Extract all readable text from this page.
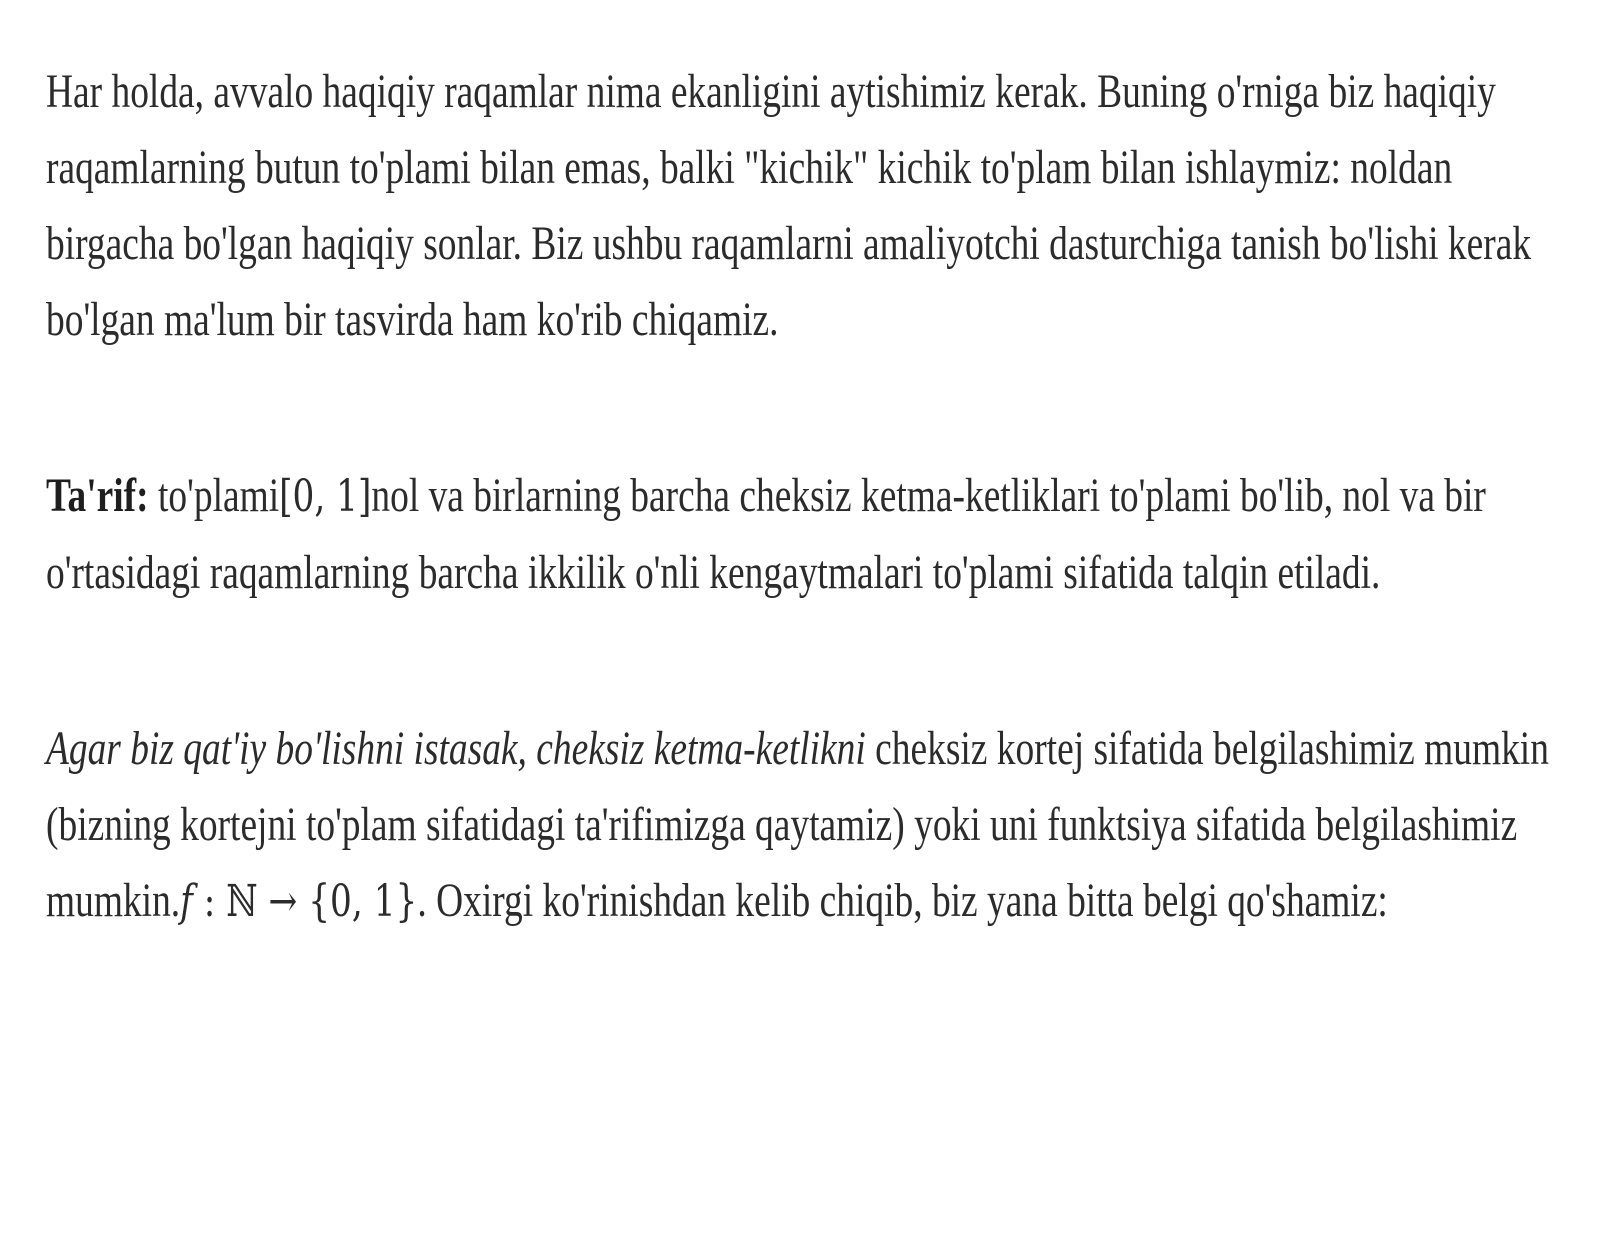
Har holda, avvalo haqiqiy raqamlar nima ekanligini aytishimiz kerak. Buning o'rniga biz haqiqiy raqamlarning butun to'plami bilan emas, balki "kichik" kichik to'plam bilan ishlaymiz: noldan birgacha bo'lgan haqiqiy sonlar. Biz ushbu raqamlarni amaliyotchi dasturchiga tanish bo'lishi kerak bo'lgan ma'lum bir tasvirda ham ko'rib chiqamiz.

Ta'rif: to'plami[0, 1]nol va birlarning barcha cheksiz ketma-ketliklari to'plami bo'lib, nol va bir o'rtasidagi raqamlarning barcha ikkilik o'nli kengaytmalari to'plami sifatida talqin etiladi.

Agar biz qat'iy bo'lishni istasak, cheksiz ketma-ketlikni cheksiz kortej sifatida belgilashimiz mumkin (bizning kortejni to'plam sifatidagi ta'rifimizga qaytamiz) yoki uni funktsiya sifatida belgilashimiz mumkin.f : ℕ → {0, 1}. Oxirgi ko'rinishdan kelib chiqib, biz yana bitta belgi qo'shamiz:
